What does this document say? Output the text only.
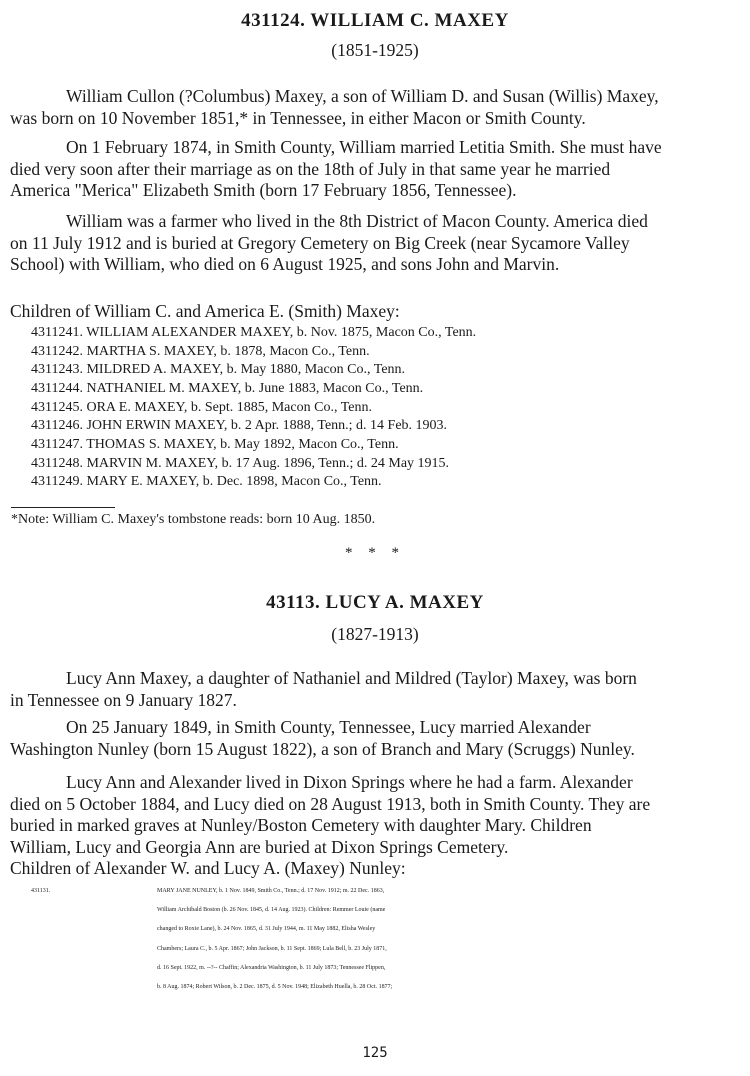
431124. WILLIAM C. MAXEY
(1851-1925)
William Cullon (?Columbus) Maxey, a son of William D. and Susan (Willis) Maxey,
was born on 10 November 1851,* in Tennessee, in either Macon or Smith County.
On 1 February 1874, in Smith County, William married Letitia Smith. She must have
died very soon after their marriage as on the 18th of July in that same year he married
America "Merica" Elizabeth Smith (born 17 February 1856, Tennessee).
William was a farmer who lived in the 8th District of Macon County. America died
on 11 July 1912 and is buried at Gregory Cemetery on Big Creek (near Sycamore Valley
School) with William, who died on 6 August 1925, and sons John and Marvin.
Children of William C. and America E. (Smith) Maxey:
4311241. WILLIAM ALEXANDER MAXEY, b. Nov. 1875, Macon Co., Tenn.
4311242. MARTHA S. MAXEY, b. 1878, Macon Co., Tenn.
4311243. MILDRED A. MAXEY, b. May 1880, Macon Co., Tenn.
4311244. NATHANIEL M. MAXEY, b. June 1883, Macon Co., Tenn.
4311245. ORA E. MAXEY, b. Sept. 1885, Macon Co., Tenn.
4311246. JOHN ERWIN MAXEY, b. 2 Apr. 1888, Tenn.; d. 14 Feb. 1903.
4311247. THOMAS S. MAXEY, b. May 1892, Macon Co., Tenn.
4311248. MARVIN M. MAXEY, b. 17 Aug. 1896, Tenn.; d. 24 May 1915.
4311249. MARY E. MAXEY, b. Dec. 1898, Macon Co., Tenn.
*Note: William C. Maxey's tombstone reads: born 10 Aug. 1850.
* * *
43113. LUCY A. MAXEY
(1827-1913)
Lucy Ann Maxey, a daughter of Nathaniel and Mildred (Taylor) Maxey, was born
in Tennessee on 9 January 1827.
On 25 January 1849, in Smith County, Tennessee, Lucy married Alexander
Washington Nunley (born 15 August 1822), a son of Branch and Mary (Scruggs) Nunley.
Lucy Ann and Alexander lived in Dixon Springs where he had a farm. Alexander
died on 5 October 1884, and Lucy died on 28 August 1913, both in Smith County. They are
buried in marked graves at Nunley/Boston Cemetery with daughter Mary. Children
William, Lucy and Georgia Ann are buried at Dixon Springs Cemetery.
Children of Alexander W. and Lucy A. (Maxey) Nunley:
431131.	MARY JANE NUNLEY, b. 1 Nov. 1849, Smith Co., Tenn.; d. 17 Nov. 1912; m. 22 Dec. 1863,
William Archibald Boston (b. 26 Nov. 1845, d. 14 Aug. 1923). Children: Remmer Louie (name
changed to Roxie Lane), b. 24 Nov. 1865, d. 31 July 1944, m. 11 May 1882, Elisha Wesley
Chambers; Laura C., b. 5 Apr. 1867; John Jackson, b. 11 Sept. 1869; Lula Bell, b. 23 July 1871,
d. 16 Sept. 1922, m. --?-- Chaffin; Alexandria Washington, b. 11 July 1873; Tennessee Flippen,
b. 8 Aug. 1874; Robert Wilson, b. 2 Dec. 1875, d. 5 Nov. 1948; Elizabeth Huella, b. 28 Oct. 1877;
125
